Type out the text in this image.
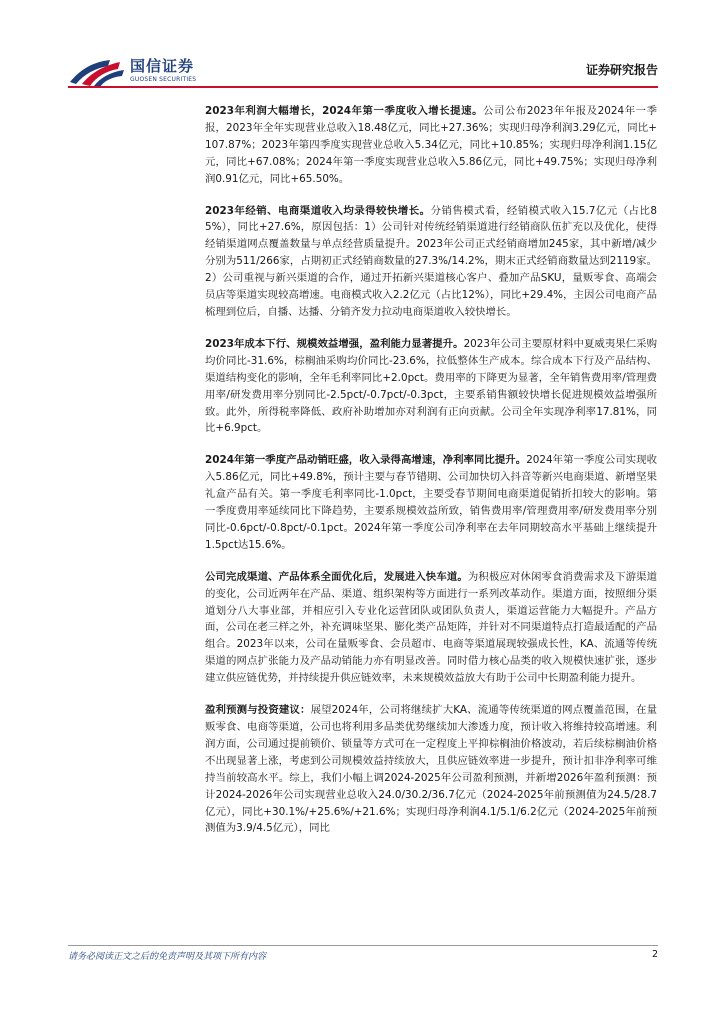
国信证券
GUOSEN SECURITIES
证券研究报告

2023年利润大幅增长，2024年第一季度收入增长提速。公司公布2023年年报及2024年一季报，2023年全年实现营业总收入18.48亿元，同比+27.36%；实现归母净利润3.29亿元，同比+107.87%；2023年第四季度实现营业总收入5.34亿元，同比+10.85%；实现归母净利润1.15亿元，同比+67.08%；2024年第一季度实现营业总收入5.86亿元，同比+49.75%；实现归母净利润0.91亿元，同比+65.50%。

2023年经销、电商渠道收入均录得较快增长。分销售模式看，经销模式收入15.7亿元（占比85%），同比+27.6%，原因包括：1）公司针对传统经销渠道进行经销商队伍扩充以及优化，使得经销渠道网点覆盖数量与单点经营质量提升。2023年公司正式经销商增加245家，其中新增/减少分别为511/266家，占期初正式经销商数量的27.3%/14.2%，期末正式经销商数量达到2119家。2）公司重视与新兴渠道的合作，通过开拓新兴渠道核心客户、叠加产品SKU，量贩零食、高端会员店等渠道实现较高增速。电商模式收入2.2亿元（占比12%），同比+29.4%，主因公司电商产品梳理到位后，自播、达播、分销齐发力拉动电商渠道收入较快增长。

2023年成本下行、规模效益增强，盈利能力显著提升。2023年公司主要原材料中夏威夷果仁采购均价同比-31.6%，棕榈油采购均价同比-23.6%，拉低整体生产成本。综合成本下行及产品结构、渠道结构变化的影响，全年毛利率同比+2.0pct。费用率的下降更为显著，全年销售费用率/管理费用率/研发费用率分别同比-2.5pct/-0.7pct/-0.3pct，主要系销售额较快增长促进规模效益增强所致。此外，所得税率降低、政府补助增加亦对利润有正向贡献。公司全年实现净利率17.81%，同比+6.9pct。

2024年第一季度产品动销旺盛，收入录得高增速，净利率同比提升。2024年第一季度公司实现收入5.86亿元，同比+49.8%，预计主要与春节错期、公司加快切入抖音等新兴电商渠道、新增坚果礼盒产品有关。第一季度毛利率同比-1.0pct，主要受春节期间电商渠道促销折扣较大的影响。第一季度费用率延续同比下降趋势，主要系规模效益所致，销售费用率/管理费用率/研发费用率分别同比-0.6pct/-0.8pct/-0.1pct。2024年第一季度公司净利率在去年同期较高水平基础上继续提升1.5pct达15.6%。

公司完成渠道、产品体系全面优化后，发展进入快车道。为积极应对休闲零食消费需求及下游渠道的变化，公司近两年在产品、渠道、组织架构等方面进行一系列改革动作。渠道方面，按照细分渠道划分八大事业部，并相应引入专业化运营团队或团队负责人，渠道运营能力大幅提升。产品方面，公司在老三样之外，补充调味坚果、膨化类产品矩阵，并针对不同渠道特点打造最适配的产品组合。2023年以来，公司在量贩零食、会员超市、电商等渠道展现较强成长性，KA、流通等传统渠道的网点扩张能力及产品动销能力亦有明显改善。同时借力核心品类的收入规模快速扩张，逐步建立供应链优势，并持续提升供应链效率，未来规模效益放大有助于公司中长期盈利能力提升。

盈利预测与投资建议：展望2024年，公司将继续扩大KA、流通等传统渠道的网点覆盖范围，在量贩零食、电商等渠道，公司也将利用多品类优势继续加大渗透力度，预计收入将维持较高增速。利润方面，公司通过提前锁价、锁量等方式可在一定程度上平抑棕榈油价格波动，若后续棕榈油价格不出现显著上涨，考虑到公司规模效益持续放大，且供应链效率进一步提升，预计扣非净利率可维持当前较高水平。综上，我们小幅上调2024-2025年公司盈利预测，并新增2026年盈利预测：预计2024-2026年公司实现营业总收入24.0/30.2/36.7亿元（2024-2025年前预测值为24.5/28.7亿元），同比+30.1%/+25.6%/+21.6%；实现归母净利润4.1/5.1/6.2亿元（2024-2025年前预测值为3.9/4.5亿元），同比

请务必阅读正文之后的免责声明及其项下所有内容	2
